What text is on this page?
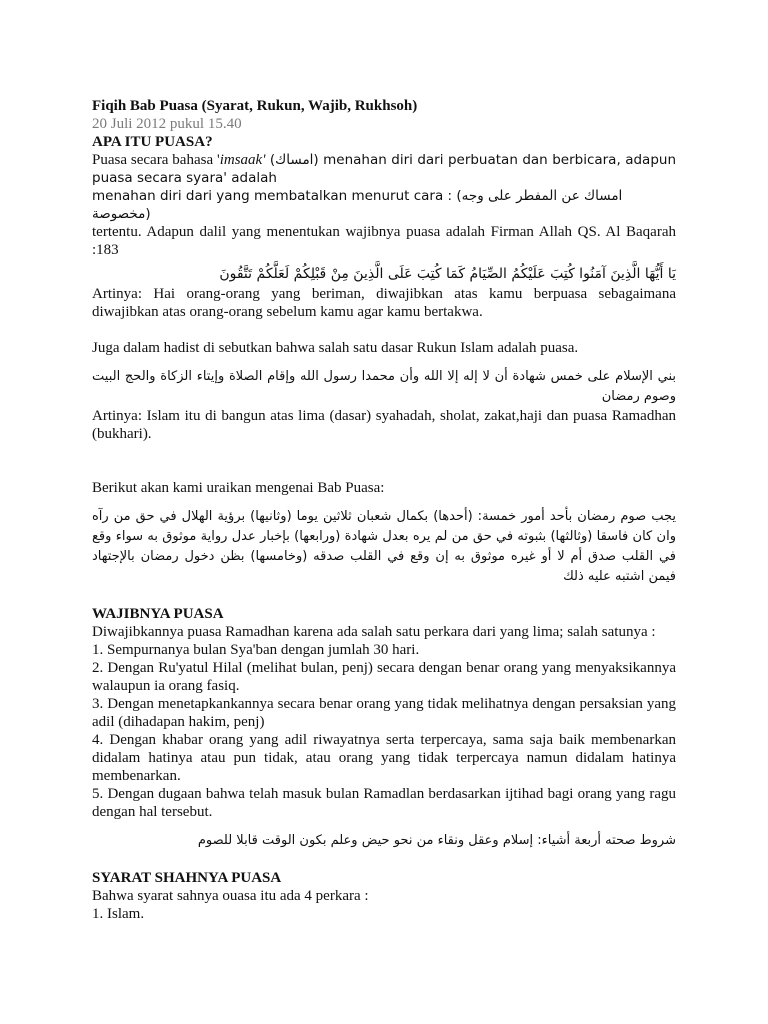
Fiqih Bab Puasa (Syarat, Rukun, Wajib, Rukhsoh)

20 Juli 2012 pukul 15.40

APA ITU PUASA?

Puasa secara bahasa 'imsaak' (امساك) menahan diri dari perbuatan dan berbicara, adapun puasa secara syara' adalah

menahan diri dari yang membatalkan menurut cara : (امساك عن المفطر على وجه مخصوصة)

tertentu. Adapun dalil yang menentukan wajibnya puasa adalah Firman Allah QS. Al Baqarah :183

يَا أَيُّهَا الَّذِينَ آمَنُوا كُتِبَ عَلَيْكُمُ الصِّيَامُ كَمَا كُتِبَ عَلَى الَّذِينَ مِنْ قَبْلِكُمْ لَعَلَّكُمْ تَتَّقُونَ

Artinya: Hai orang-orang yang beriman, diwajibkan atas kamu berpuasa sebagaimana diwajibkan atas orang-orang sebelum kamu agar kamu bertakwa.

Juga dalam hadist di sebutkan bahwa salah satu dasar Rukun Islam adalah puasa.

بني الإسلام على خمس شهادة أن لا إله إلا الله وأن محمدا رسول الله وإقام الصلاة وإيتاء الزكاة والحج البيت وصوم رمضان

Artinya: Islam itu di bangun atas lima (dasar) syahadah, sholat, zakat,haji dan puasa Ramadhan (bukhari).

Berikut akan kami uraikan mengenai Bab Puasa:

يجب صوم رمضان بأحد أمور خمسة: (أحدها) بكمال شعبان ثلاثين يوما (وثانيها) برؤية الهلال في حق من رآه وان كان فاسقا (وثالثها) بثبوته في حق من لم يره بعدل شهادة (ورابعها) بإخبار عدل رواية موثوق به سواء وقع في القلب صدق أم لا أو غيره موثوق به إن وقع في القلب صدقه (وخامسها) بظن دخول رمضان بالإجتهاد فيمن اشتبه عليه ذلك

WAJIBNYA PUASA

Diwajibkannya puasa Ramadhan karena ada salah satu perkara dari yang lima; salah satunya :

1. Sempurnanya bulan Sya'ban dengan jumlah 30 hari.

2. Dengan Ru'yatul Hilal (melihat bulan, penj) secara dengan benar orang yang menyaksikannya walaupun ia orang fasiq.

3. Dengan menetapkankannya secara benar orang yang tidak melihatnya dengan persaksian yang adil (dihadapan hakim, penj)

4. Dengan khabar orang yang adil riwayatnya serta terpercaya, sama saja baik membenarkan didalam hatinya atau pun tidak, atau orang yang tidak terpercaya namun didalam hatinya membenarkan.

5. Dengan dugaan bahwa telah masuk bulan Ramadlan berdasarkan ijtihad bagi orang yang ragu dengan hal tersebut.

شروط صحته أربعة أشياء: إسلام وعقل ونقاء من نحو حيض وعلم بكون الوقت قابلا للصوم

SYARAT SHAHNYA PUASA

Bahwa syarat sahnya ouasa itu ada 4 perkara :

1. Islam.
